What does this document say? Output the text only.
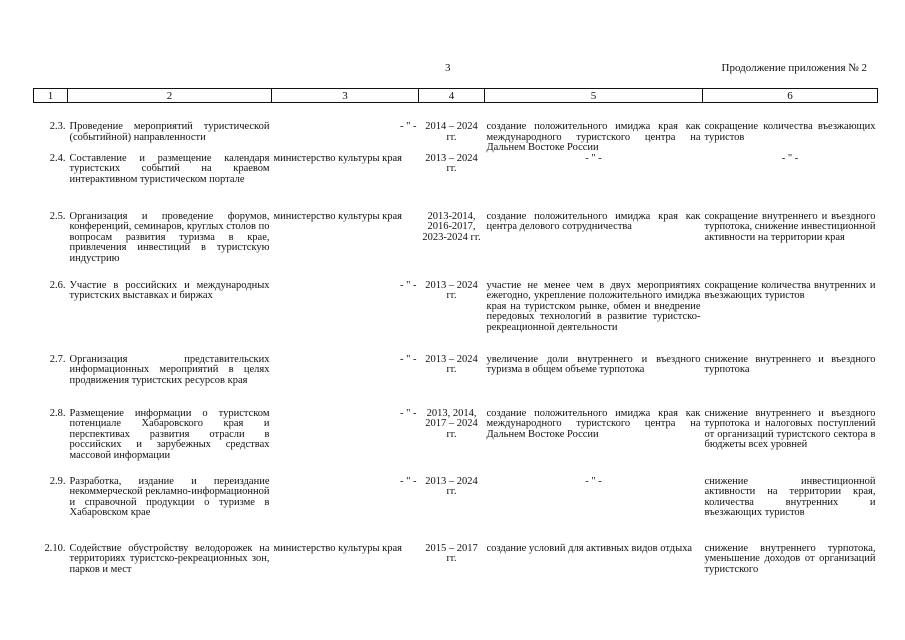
3	Продолжение приложения № 2
1	2	3	4	5	6
2.3.	Проведение мероприятий туристической (событийной) направленности	- " -	2014 – 2024 гг.	создание положительного имиджа края как международного туристского центра на Дальнем Востоке России	сокращение количества въезжающих туристов
2.4.	Составление и размещение календаря туристских событий на краевом интерактивном туристическом портале	министерство культуры края	2013 – 2024 гг.	- " -	- " -
2.5.	Организация и проведение форумов, конференций, семинаров, круглых столов по вопросам развития туризма в крае, привлечения инвестиций в туристскую индустрию	министерство культуры края	2013-2014, 2016-2017, 2023-2024 гг.	создание положительного имиджа края как центра делового сотрудничества	сокращение внутреннего и въездного турпотока, снижение инвестиционной активности на территории края
2.6.	Участие в российских и международных туристских выставках и биржах	- " -	2013 – 2024 гг.	участие не менее чем в двух мероприятиях ежегодно, укрепление положительного имиджа края на туристском рынке, обмен и внедрение передовых технологий в развитие туристско-рекреационной деятельности	сокращение количества внутренних и въезжающих туристов
2.7.	Организация представительских информационных мероприятий в целях продвижения туристских ресурсов края	- " -	2013 – 2024 гг.	увеличение доли внутреннего и въездного туризма в общем объеме турпотока	снижение внутреннего и въездного турпотока
2.8.	Размещение информации о туристском потенциале Хабаровского края и перспективах развития отрасли в российских и зарубежных средствах массовой информации	- " -	2013, 2014, 2017 – 2024 гг.	создание положительного имиджа края как международного туристского центра на Дальнем Востоке России	снижение внутреннего и въездного турпотока и налоговых поступлений от организаций туристского сектора в бюджеты всех уровней
2.9.	Разработка, издание и переиздание некоммерческой рекламно-информационной и справочной продукции о туризме в Хабаровском крае	- " -	2013 – 2024 гг.	- " -	снижение инвестиционной активности на территории края, количества внутренних и въезжающих туристов
2.10.	Содействие обустройству велодорожек на территориях туристско-рекреационных зон, парков и мест	министерство культуры края	2015 – 2017 гг.	создание условий для активных видов отдыха	снижение внутреннего турпотока, уменьшение доходов от организаций туристского
